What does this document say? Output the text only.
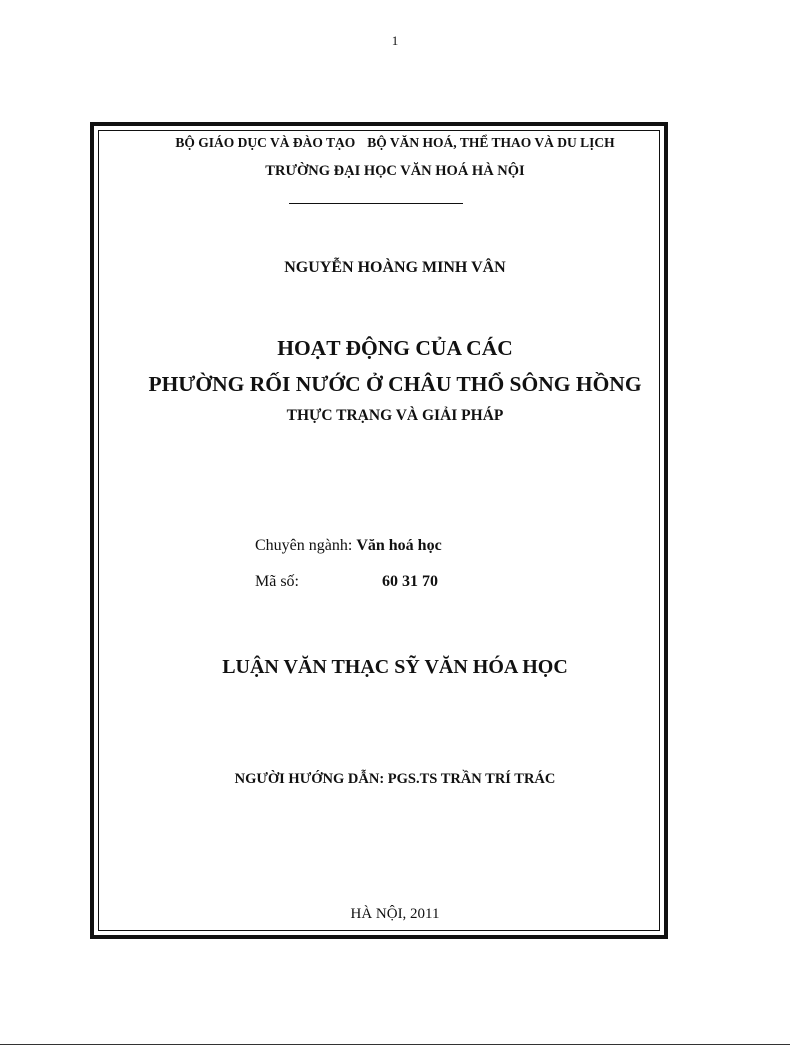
1
BỘ GIÁO DỤC VÀ ĐÀO TẠO BỘ VĂN HOÁ, THỂ THAO VÀ DU LỊCH
TRƯỜNG ĐẠI HỌC VĂN HOÁ HÀ NỘI
NGUYỄN HOÀNG MINH VÂN
HOẠT ĐỘNG CỦA CÁC
PHƯỜNG RỐI NƯỚC Ở CHÂU THỔ SÔNG HỒNG
THỰC TRẠNG VÀ GIẢI PHÁP
Chuyên ngành: Văn hoá học
Mã số:	60 31 70
LUẬN VĂN THẠC SỸ VĂN HÓA HỌC
NGƯỜI HƯỚNG DẪN: PGS.TS TRẦN TRÍ TRÁC
HÀ NỘI, 2011
